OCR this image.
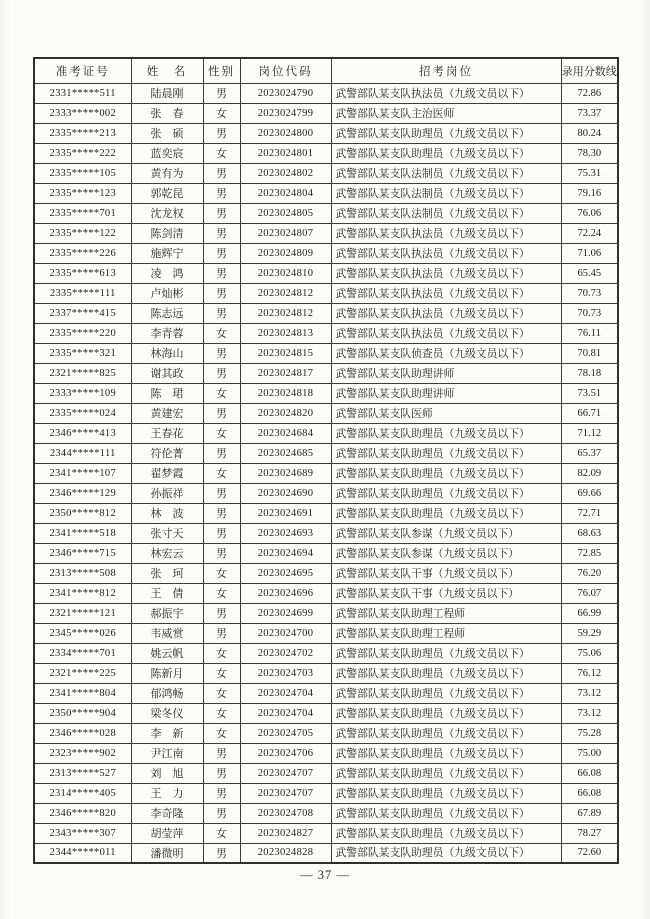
准考证号	姓　名	性别	岗位代码	招考岗位	录用分数线
2331*****511	陆晨刚	男	2023024790	武警部队某支队执法员（九级文员以下）	72.86
2333*****002	张　春	女	2023024799	武警部队某支队主治医师	73.37
2335*****213	张　硕	男	2023024800	武警部队某支队助理员（九级文员以下）	80.24
2335*****222	蓝奕宸	女	2023024801	武警部队某支队助理员（九级文员以下）	78.30
2335*****105	黄有为	男	2023024802	武警部队某支队法制员（九级文员以下）	75.31
2335*****123	郭乾昆	男	2023024804	武警部队某支队法制员（九级文员以下）	79.16
2335*****701	沈龙权	男	2023024805	武警部队某支队法制员（九级文员以下）	76.06
2335*****122	陈剑清	男	2023024807	武警部队某支队执法员（九级文员以下）	72.24
2335*****226	施辉宁	男	2023024809	武警部队某支队执法员（九级文员以下）	71.06
2335*****613	凌　鸿	男	2023024810	武警部队某支队执法员（九级文员以下）	65.45
2335*****111	卢灿彬	男	2023024812	武警部队某支队执法员（九级文员以下）	70.73
2337*****415	陈志远	男	2023024812	武警部队某支队执法员（九级文员以下）	70.73
2335*****220	李青蓉	女	2023024813	武警部队某支队执法员（九级文员以下）	76.11
2335*****321	林海山	男	2023024815	武警部队某支队侦查员（九级文员以下）	70.81
2321*****825	谢其政	男	2023024817	武警部队某支队助理讲师	78.18
2333*****109	陈　珺	女	2023024818	武警部队某支队助理讲师	73.51
2335*****024	黄建宏	男	2023024820	武警部队某支队医师	66.71
2346*****413	王春花	女	2023024684	武警部队某支队助理员（九级文员以下）	71.12
2344*****111	符伦菁	男	2023024685	武警部队某支队助理员（九级文员以下）	65.37
2341*****107	翟梦霞	女	2023024689	武警部队某支队助理员（九级文员以下）	82.09
2346*****129	孙振祥	男	2023024690	武警部队某支队助理员（九级文员以下）	69.66
2350*****812	林　波	男	2023024691	武警部队某支队助理员（九级文员以下）	72.71
2341*****518	张寸天	男	2023024693	武警部队某支队参谋（九级文员以下）	68.63
2346*****715	林宏云	男	2023024694	武警部队某支队参谋（九级文员以下）	72.85
2313*****508	张　珂	女	2023024695	武警部队某支队干事（九级文员以下）	76.20
2341*****812	王　倩	女	2023024696	武警部队某支队干事（九级文员以下）	76.07
2321*****121	郝振宇	男	2023024699	武警部队某支队助理工程师	66.99
2345*****026	韦威赏	男	2023024700	武警部队某支队助理工程师	59.29
2334*****701	姚云帆	女	2023024702	武警部队某支队助理员（九级文员以下）	75.06
2321*****225	陈新月	女	2023024703	武警部队某支队助理员（九级文员以下）	76.12
2341*****804	郁鸿畅	女	2023024704	武警部队某支队助理员（九级文员以下）	73.12
2350*****904	梁冬仪	女	2023024704	武警部队某支队助理员（九级文员以下）	73.12
2346*****028	李　新	女	2023024705	武警部队某支队助理员（九级文员以下）	75.28
2323*****902	尹江南	男	2023024706	武警部队某支队助理员（九级文员以下）	75.00
2313*****527	刘　旭	男	2023024707	武警部队某支队助理员（九级文员以下）	66.08
2314*****405	王　力	男	2023024707	武警部队某支队助理员（九级文员以下）	66.08
2346*****820	李奇隆	男	2023024708	武警部队某支队助理员（九级文员以下）	67.89
2343*****307	胡莹萍	女	2023024827	武警部队某支队助理员（九级文员以下）	78.27
2344*****011	潘微明	男	2023024828	武警部队某支队助理员（九级文员以下）	72.60
— 37 —
